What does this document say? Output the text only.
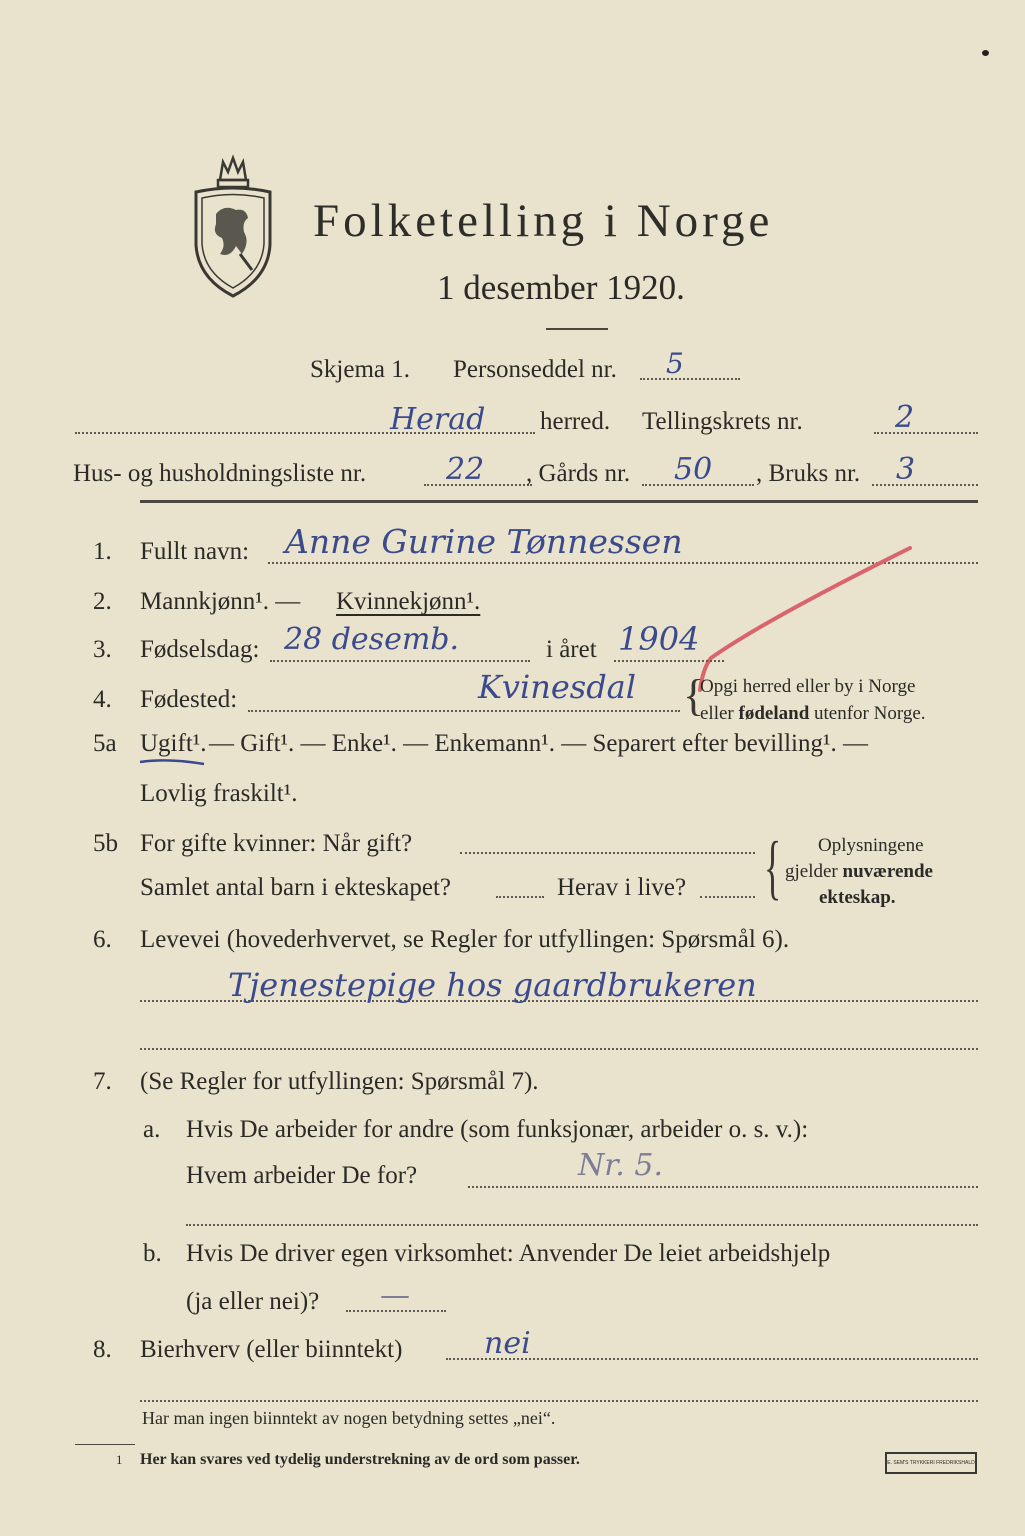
Folketelling i Norge
1 desember 1920.
Skjema 1. Personseddel nr. 5
Herad herred. Tellingskrets nr.	2
Hus- og husholdningsliste nr.	22 , Gårds nr. 50 , Bruks nr. 3
1. Fullt navn: Anne Gurine Tønnessen
2. Mannkjønn¹. — Kvinnekjønn¹.
3. Fødselsdag: 28 desemb.	i året 1904
4. Fødested:	Kvinesdal {
Opgi herred eller by i Norge
eller fødeland utenfor Norge.
5a Ugift¹. — Gift¹. — Enke¹. — Enkemann¹. — Separert efter bevilling¹. —
Lovlig fraskilt¹.
5b For gifte kvinner: Når gift?
Samlet antal barn i ekteskapet?	Herav i live? { Oplysningene
gjelder nuværende
ekteskap.
6. Levevei (hovederhvervet, se Regler for utfyllingen: Spørsmål 6).
Tjenestepige hos gaardbrukeren
7. (Se Regler for utfyllingen: Spørsmål 7).
a. Hvis De arbeider for andre (som funksjonær, arbeider o. s. v.):
Hvem arbeider De for?	Nr. 5.
b. Hvis De driver egen virksomhet: Anvender De leiet arbeidshjelp
(ja eller nei)? —
8. Bierhverv (eller biinntekt)	nei
Har man ingen biinntekt av nogen betydning settes „nei“.
1 Her kan svares ved tydelig understrekning av de ord som passer.	E. SEM'S TRYKKERI FREDRIKSHALD
